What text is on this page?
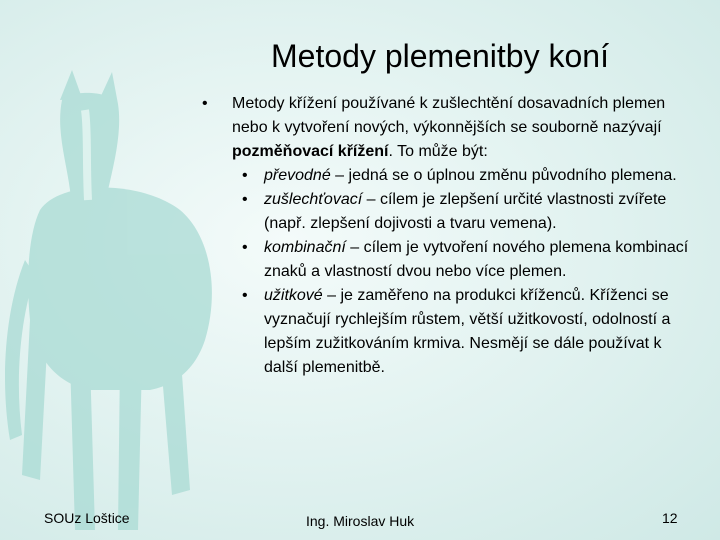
Metody plemenitby koní
•	Metody křížení používané k zušlechtění dosavadních plemen nebo k vytvoření nových, výkonnějších se souborně nazývají pozměňovací křížení. To může být:
•	převodné – jedná se o úplnou změnu původního plemena.
•	zušlechťovací – cílem je zlepšení určité vlastnosti zvířete (např. zlepšení dojivosti a tvaru vemena).
•	kombinační – cílem je vytvoření nového plemena kombinací znaků a vlastností dvou nebo více plemen.
•	užitkové – je zaměřeno na produkci kříženců. Kříženci se vyznačují rychlejším růstem, větší užitkovostí, odolností a lepším zužitkováním krmiva. Nesmějí se dále používat k další plemenitbě.
SOUz Loštice	Ing. Miroslav Huk	12
